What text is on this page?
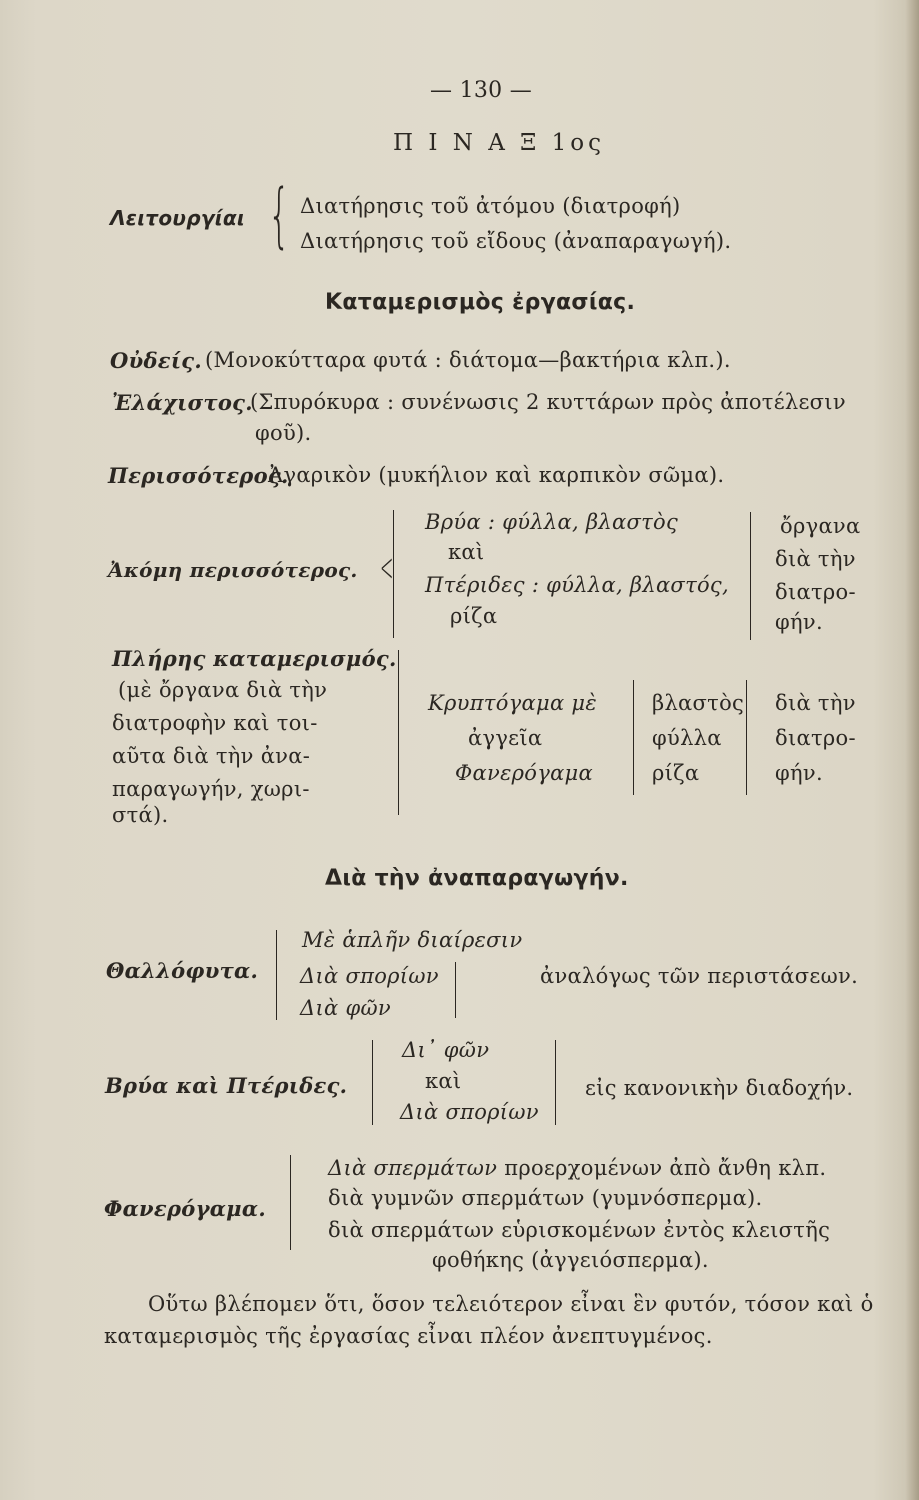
— 130 —
Π Ι Ν Α Ξ 1ος
Λειτουργίαι { Διατήρησις τοῦ ἀτόμου (διατροφή)
Διατήρησις τοῦ εἴδους (ἀναπαραγωγή).
Καταμερισμὸς ἐργασίας.
Οὐδείς. (Μονοκύτταρα φυτά : διάτομα—βακτήρια κλπ.).
Ἐλάχιστος.
(Σπυρόκυρα : συνένωσις 2 κυττάρων πρὸς ἀποτέλεσιν
φοῦ).
Περισσότερος.
Ἀγαρικὸν (μυκήλιον καὶ καρπικὸν σῶμα).
Ἀκόμη περισσότερος. <
Βρύα : φύλλα, βλαστὸς
καὶ
Πτέριδες : φύλλα, βλαστός,
ρίζα
ὄργανα
διὰ τὴν
διατρο-
φήν.
Πλήρης καταμερισμός.
(μὲ ὄργανα διὰ τὴν
διατροφὴν καὶ τοι-
αῦτα διὰ τὴν ἀνα-
παραγωγήν, χωρι-
στά).
Κρυπτόγαμα μὲ
ἀγγεῖα
Φανερόγαμα
βλαστὸς
φύλλα
ρίζα
διὰ τὴν
διατρο-
φήν.
Διὰ τὴν ἀναπαραγωγήν.
Θαλλόφυτα.
Μὲ ἁπλῆν διαίρεσιν
Διὰ σπορίων
Διὰ φῶν
ἀναλόγως τῶν περιστάσεων.
Βρύα καὶ Πτέριδες.
Δι᾽ φῶν
καὶ
Διὰ σπορίων
εἰς κανονικὴν διαδοχήν.
Φανερόγαμα.
Διὰ σπερμάτων προερχομένων ἀπὸ ἄνθη κλπ.
διὰ γυμνῶν σπερμάτων (γυμνόσπερμα).
διὰ σπερμάτων εὑρισκομένων ἐντὸς κλειστῆς
φοθήκης (ἀγγειόσπερμα).
Οὕτω βλέπομεν ὅτι, ὅσον τελειότερον εἶναι ἓν φυτόν, τόσον καὶ ὁ
καταμερισμὸς τῆς ἐργασίας εἶναι πλέον ἀνεπτυγμένος.
